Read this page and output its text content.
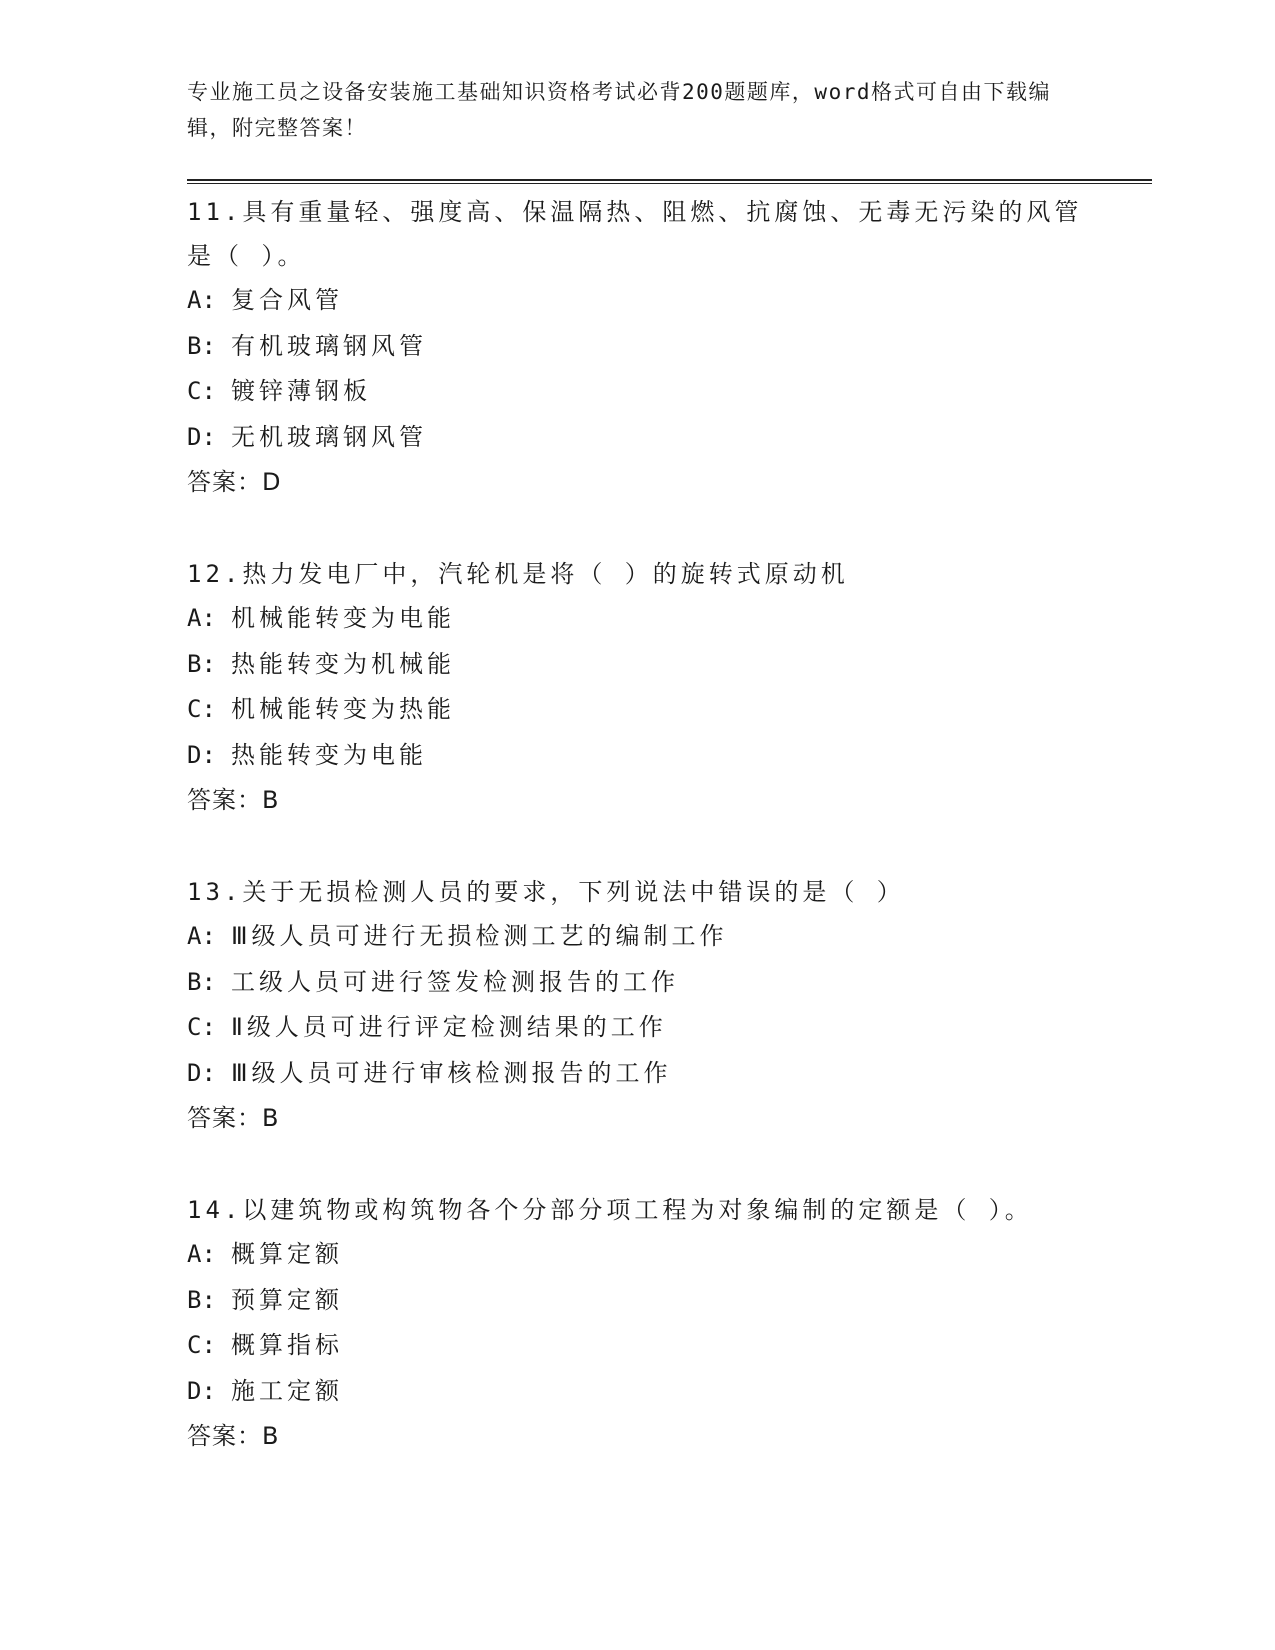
专业施工员之设备安装施工基础知识资格考试必背200题题库，word格式可自由下载编辑，附完整答案！
11.具有重量轻、强度高、保温隔热、阻燃、抗腐蚀、无毒无污染的风管是（ ）。
A: 复合风管
B: 有机玻璃钢风管
C: 镀锌薄钢板
D: 无机玻璃钢风管
答案：D
12.热力发电厂中，汽轮机是将（ ）的旋转式原动机
A: 机械能转变为电能
B: 热能转变为机械能
C: 机械能转变为热能
D: 热能转变为电能
答案：B
13.关于无损检测人员的要求，下列说法中错误的是（ ）
A: Ⅲ级人员可进行无损检测工艺的编制工作
B: 工级人员可进行签发检测报告的工作
C: Ⅱ级人员可进行评定检测结果的工作
D: Ⅲ级人员可进行审核检测报告的工作
答案：B
14.以建筑物或构筑物各个分部分项工程为对象编制的定额是（ ）。
A: 概算定额
B: 预算定额
C: 概算指标
D: 施工定额
答案：B
